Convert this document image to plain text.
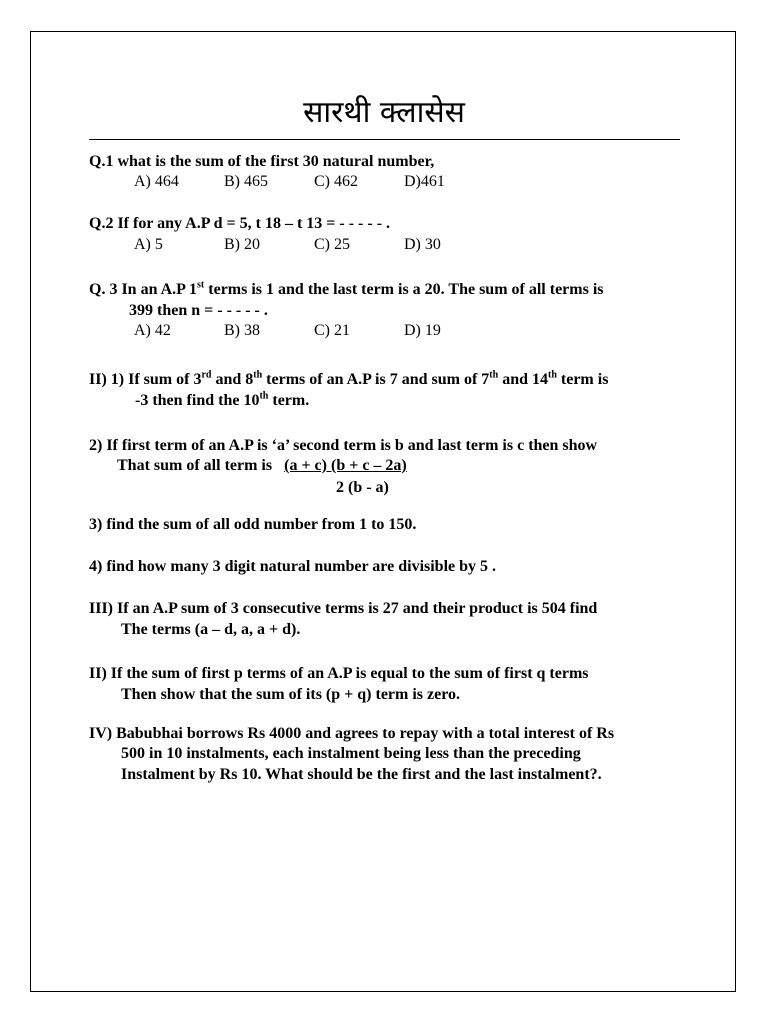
सारथी क्लासेस
Q.1 what is the sum of the first 30 natural number,
A) 464	B) 465	C) 462	D)461
Q.2 If for any A.P d = 5, t 18 – t 13 = - - - - - .
A) 5	B) 20	C) 25	D) 30
Q. 3 In an A.P 1st terms is 1 and the last term is a 20. The sum of all terms is
399 then n = - - - - - .
A) 42	B) 38	C) 21	D) 19
II) 1) If sum of 3rd and 8th terms of an A.P is 7 and sum of 7th and 14th term is
-3 then find the 10th term.
2) If first term of an A.P is ‘a’ second term is b and last term is c then show
That sum of all term is (a + c) (b + c – 2a)
2 (b - a)
3) find the sum of all odd number from 1 to 150.
4) find how many 3 digit natural number are divisible by 5 .
III) If an A.P sum of 3 consecutive terms is 27 and their product is 504 find
The terms (a – d, a, a + d).
II) If the sum of first p terms of an A.P is equal to the sum of first q terms
Then show that the sum of its (p + q) term is zero.
IV) Babubhai borrows Rs 4000 and agrees to repay with a total interest of Rs
500 in 10 instalments, each instalment being less than the preceding
Instalment by Rs 10. What should be the first and the last instalment?.
